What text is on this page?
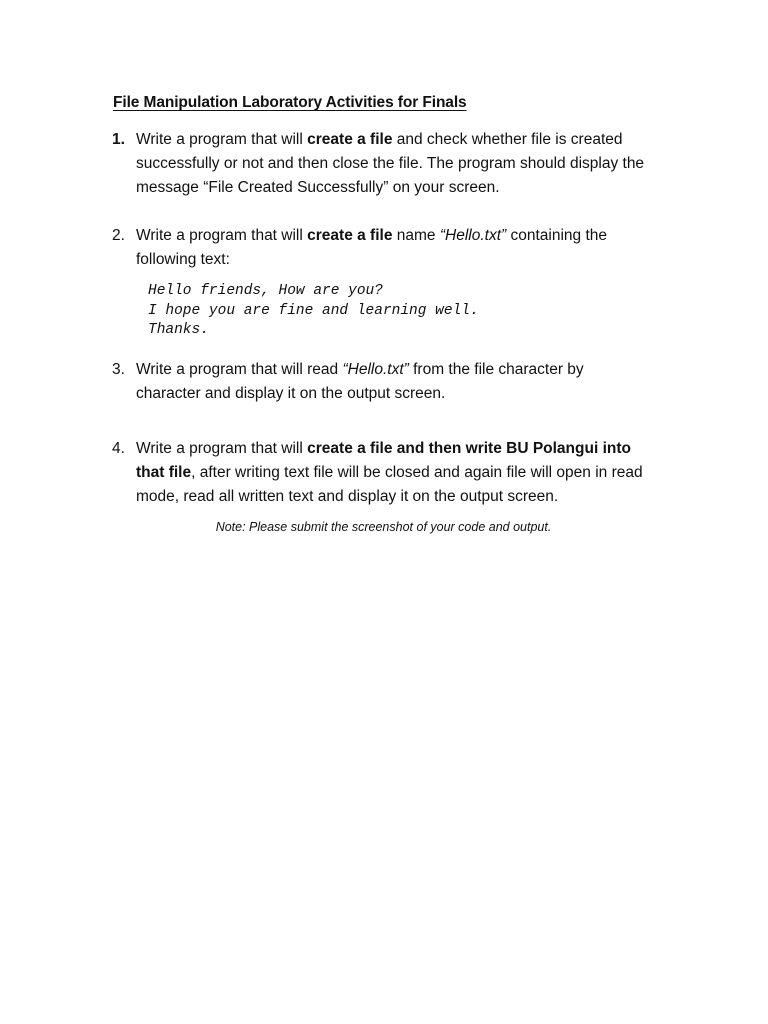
File Manipulation Laboratory Activities for Finals
1. Write a program that will create a file and check whether file is created
successfully or not and then close the file. The program should display the
message “File Created Successfully” on your screen.
2. Write a program that will create a file name “Hello.txt” containing the
following text:
Hello friends, How are you?
I hope you are fine and learning well.
Thanks.
3. Write a program that will read “Hello.txt” from the file character by
character and display it on the output screen.
4. Write a program that will create a file and then write BU Polangui into
that file, after writing text file will be closed and again file will open in read
mode, read all written text and display it on the output screen.
Note: Please submit the screenshot of your code and output.
